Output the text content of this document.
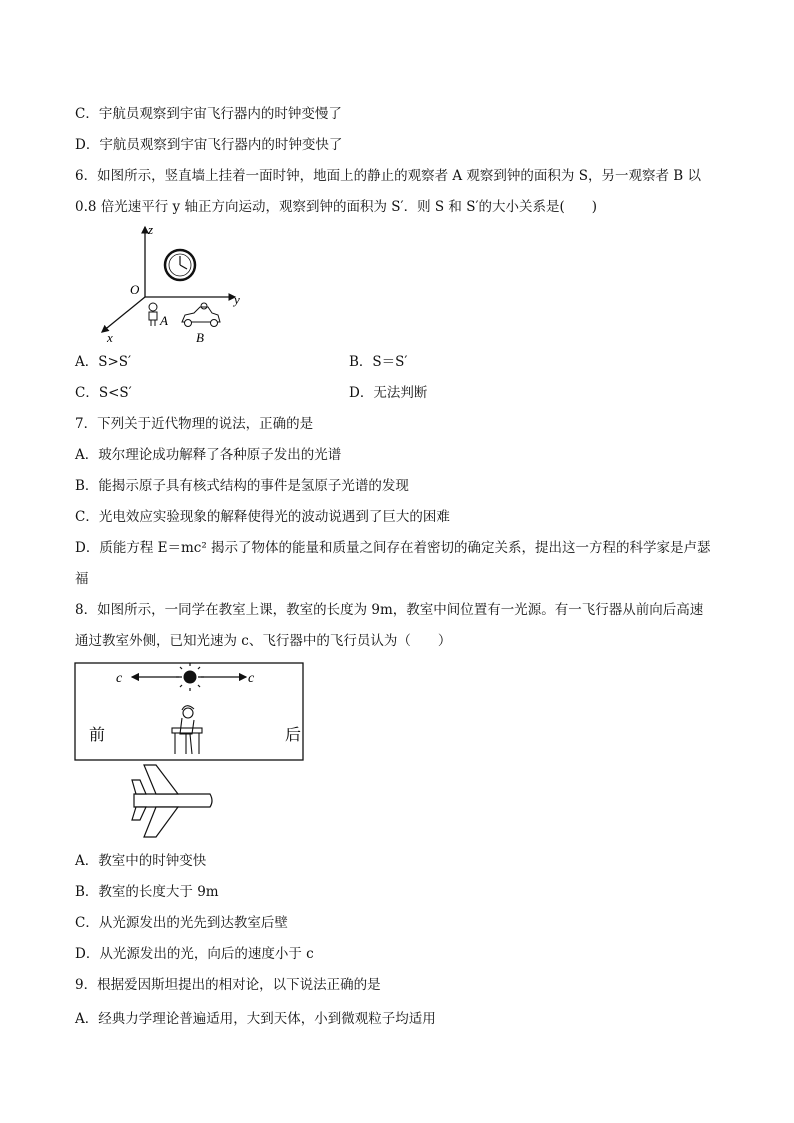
C．宇航员观察到宇宙飞行器内的时钟变慢了
D．宇航员观察到宇宙飞行器内的时钟变快了
6．如图所示，竖直墙上挂着一面时钟，地面上的静止的观察者 A 观察到钟的面积为 S，另一观察者 B 以
0.8 倍光速平行 y 轴正方向运动，观察到钟的面积为 S′．则 S 和 S′的大小关系是(　　)
z
y
x
O
A
B
A．S>S′	B．S＝S′
C．S<S′	D．无法判断
7．下列关于近代物理的说法，正确的是
A．玻尔理论成功解释了各种原子发出的光谱
B．能揭示原子具有核式结构的事件是氢原子光谱的发现
C．光电效应实验现象的解释使得光的波动说遇到了巨大的困难
D．质能方程 E＝mc² 揭示了物体的能量和质量之间存在着密切的确定关系，提出这一方程的科学家是卢瑟
福
8．如图所示，一同学在教室上课，教室的长度为 9m，教室中间位置有一光源。有一飞行器从前向后高速
通过教室外侧，已知光速为 c、飞行器中的飞行员认为（　　）
c	c
前	后
A．教室中的时钟变快
B．教室的长度大于 9m
C．从光源发出的光先到达教室后壁
D．从光源发出的光，向后的速度小于 c
9．根据爱因斯坦提出的相对论，以下说法正确的是
A．经典力学理论普遍适用，大到天体，小到微观粒子均适用
